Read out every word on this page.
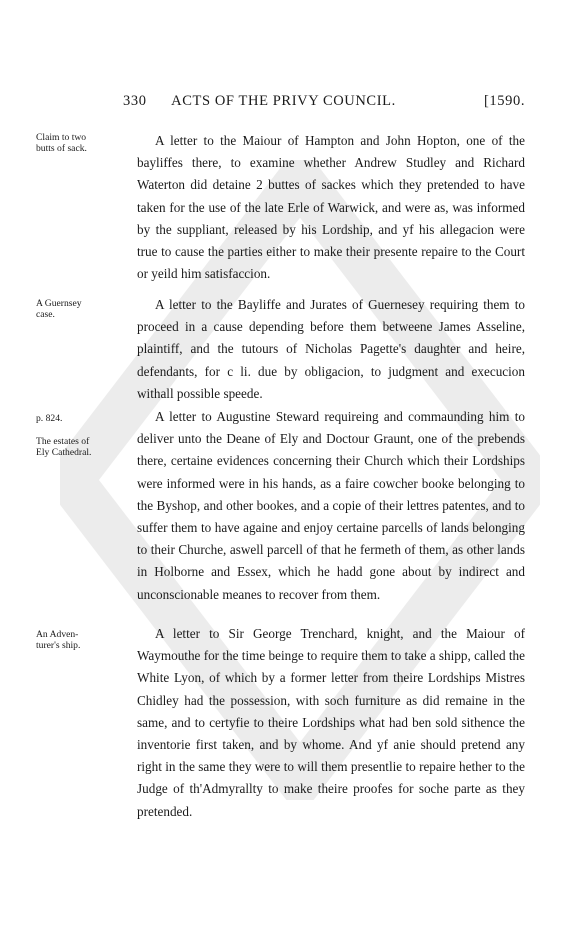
330	ACTS OF THE PRIVY COUNCIL.	[1590.
Claim to two
butts of sack.

A letter to the Maiour of Hampton and John Hopton, one of the bayliffes there, to examine whether Andrew Studley and Richard Waterton did detaine 2 buttes of sackes which they pretended to have taken for the use of the late Erle of Warwick, and were as, was informed by the suppliant, released by his Lordship, and yf his allegacion were true to cause the parties either to make their presente repaire to the Court or yeild him satisfaccion.

A Guernsey
case.

A letter to the Bayliffe and Jurates of Guernesey requiring them to proceed in a cause depending before them betweene James Asseline, plaintiff, and the tutours of Nicholas Pagette's daughter and heire, defendants, for c li. due by obligacion, to judgment and execucion withall possible speede.

p. 824.
The estates of
Ely Cathedral.

A letter to Augustine Steward requireing and commaunding him to deliver unto the Deane of Ely and Doctour Graunt, one of the prebends there, certaine evidences concerning their Church which their Lordships were informed were in his hands, as a faire cowcher booke belonging to the Byshop, and other bookes, and a copie of their lettres patentes, and to suffer them to have againe and enjoy certaine parcells of lands belonging to their Churche, aswell parcell of that he fermeth of them, as other lands in Holborne and Essex, which he hadd gone about by indirect and unconscionable meanes to recover from them.

An Adven-
turer's ship.

A letter to Sir George Trenchard, knight, and the Maiour of Waymouthe for the time beinge to require them to take a shipp, called the White Lyon, of which by a former letter from theire Lordships Mistres Chidley had the possession, with soch furniture as did remaine in the same, and to certyfie to theire Lordships what had ben sold sithence the inventorie first taken, and by whome. And yf anie should pretend any right in the same they were to will them presentlie to repaire hether to the Judge of th'Admyrallty to make theire proofes for soche parte as they pretended.
